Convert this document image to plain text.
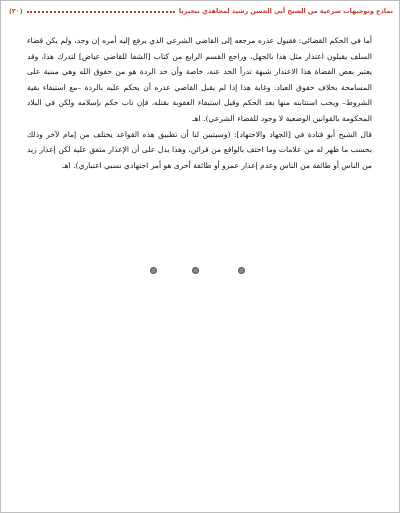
نماذج وتوجيهات شرعية من الشيخ أبي الحسن رشيد لمجاهدي نيجيريا
(٢٠)

أما في الحكم القضائي: فقبول عذره مرجعه إلى القاضي الشرعي الذي يرفع إليه أمره إن وجد، ولم يكن قضاء السلف يقبلون اعتذار مثل هذا بالجهل، وراجع القسم الرابع من كتاب [الشفا للقاضي عياض] لتدرك هذا، وقد يعتبر بعض القضاة هذا الاعتذار شبهة تدرأ الحد عنه، خاصة وأن حد الردة هو من حقوق الله وهي مبنية على المسامحة بخلاف حقوق العباد. وغاية هذا إذا لم يقبل القاضي عذره أن يحكم عليه بالردة –مع استيفاء بقية الشروط– ويجب استتابته منها بعد الحكم وقبل استيفاء العقوبة بقتله، فإن تاب حكم بإسلامه ولكن في البلاد المحكومة بالقوانين الوضعية لا وجود للقضاء الشرعي). اهـ

قال الشيخ أبو قتادة في [الجهاد والاجتهاد]: (وسيتبين لنا أن تطبيق هذه القواعد يختلف من إمام لآخر وذلك بحسب ما ظهر له من علامات وما احتف بالواقع من قرائن، وهذا يدل على أن الإعذار متفق عليه لكن إعذار زيد من الناس أو طائفة من الناس وعدم إعذار عمرو أو طائفة أخرى هو أمر اجتهادي نسبي اعتباري). اهـ
